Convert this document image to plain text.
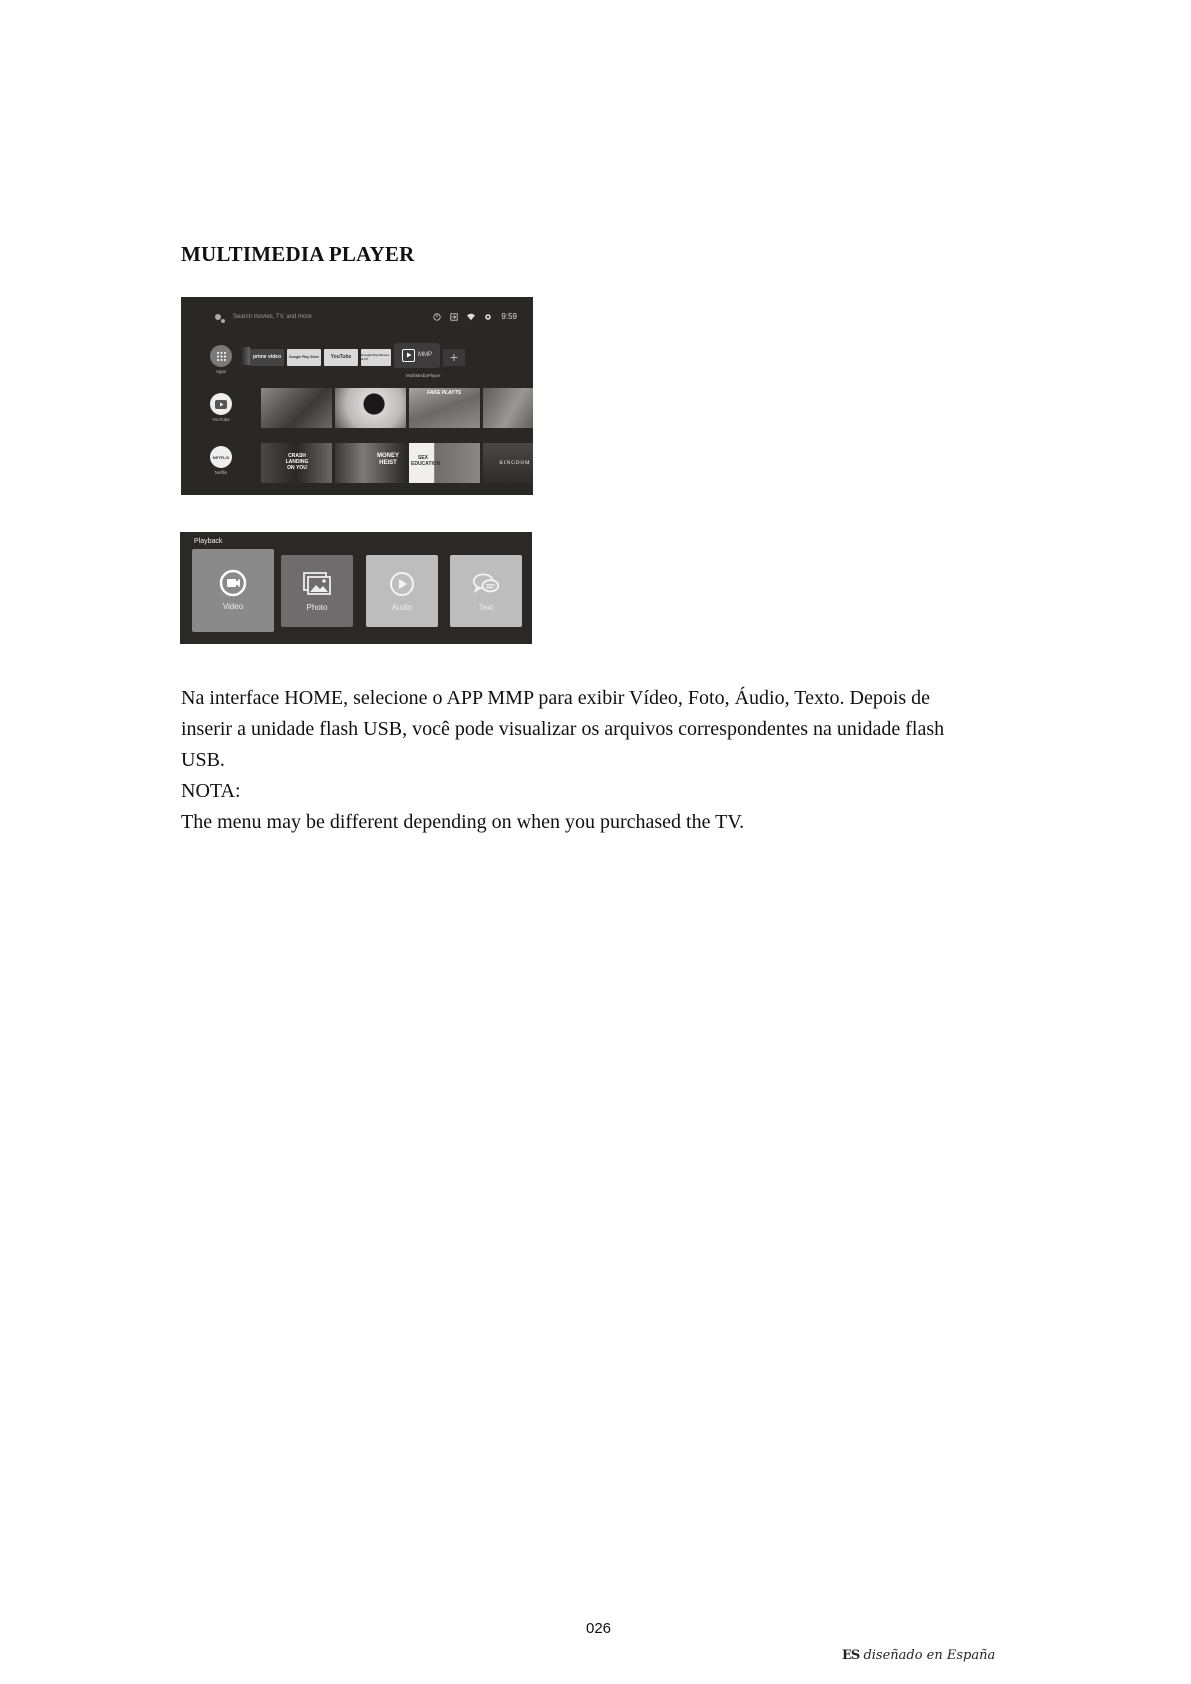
MULTIMEDIA PLAYER
Search movies, TV, and more	9:59
Apps
YouTube
NETFLIX
Netflix
prime video	Google Play Store	YouTube	Google Play Movies & TV
MMP	+
MultiMediaPlayer
FAKE PLAYTS
CRASH LANDING ON YOU
MONEY HEIST
SEX EDUCATION	KINGDOM
Playback
Video	Photo	Audio	Text
Na interface HOME, selecione o APP MMP para exibir Vídeo, Foto, Áudio, Texto. Depois de
inserir a unidade flash USB, você pode visualizar os arquivos correspondentes na unidade flash
USB.
NOTA:
The menu may be different depending on when you purchased the TV.
026
ES diseñado en España
